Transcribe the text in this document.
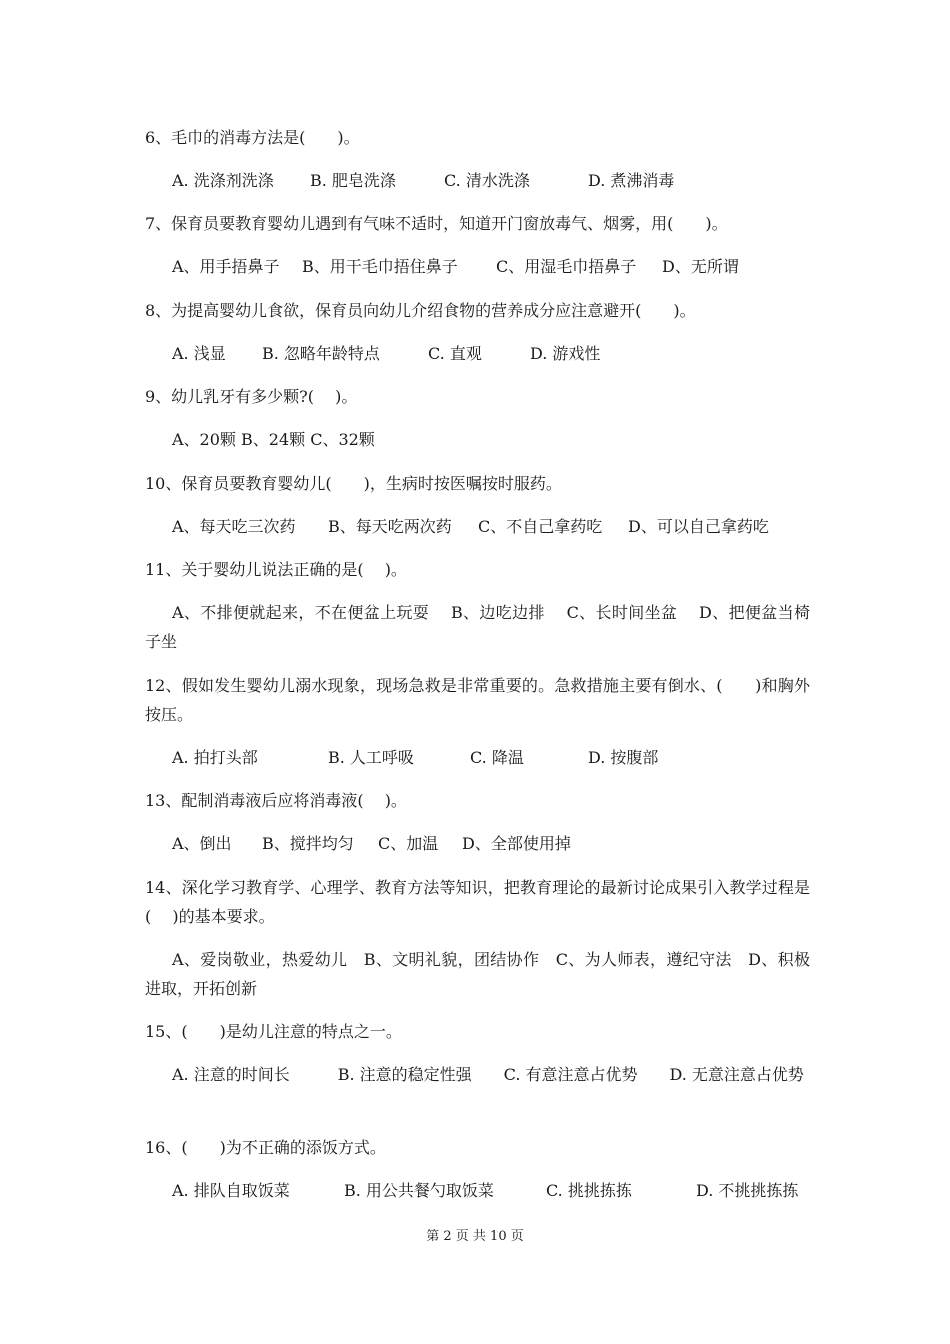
6、毛巾的消毒方法是(　　)。
A. 洗涤剂洗涤 B. 肥皂洗涤	C. 清水洗涤	D. 煮沸消毒
7、保育员要教育婴幼儿遇到有气味不适时，知道开门窗放毒气、烟雾，用(　　)。
A、用手捂鼻子 B、用干毛巾捂住鼻子 C、用湿毛巾捂鼻子 D、无所谓
8、为提高婴幼儿食欲，保育员向幼儿介绍食物的营养成分应注意避开(　　)。
A. 浅显 B. 忽略年龄特点	C. 直观	D. 游戏性
9、幼儿乳牙有多少颗?(　 )。
A、20颗 B、24颗 C、32颗
10、保育员要教育婴幼儿(　　)，生病时按医嘱按时服药。
A、每天吃三次药 B、每天吃两次药 C、不自己拿药吃 D、可以自己拿药吃
11、关于婴幼儿说法正确的是(　 )。
A、不排便就起来，不在便盆上玩耍　 B、边吃边排　 C、长时间坐盆　 D、把便盆当椅子坐
12、假如发生婴幼儿溺水现象，现场急救是非常重要的。急救措施主要有倒水、(　　)和胸外按压。
A. 拍打头部	B. 人工呼吸	C. 降温	D. 按腹部
13、配制消毒液后应将消毒液(　 )。
A、倒出 B、搅拌均匀 C、加温 D、全部使用掉
14、深化学习教育学、心理学、教育方法等知识，把教育理论的最新讨论成果引入教学过程是(　 )的基本要求。
A、爱岗敬业，热爱幼儿　B、文明礼貌，团结协作　C、为人师表，遵纪守法　D、积极进取，开拓创新
15、(　　)是幼儿注意的特点之一。
A. 注意的时间长　　　B. 注意的稳定性强　　C. 有意注意占优势　　D. 无意注意占优势
16、(　　)为不正确的添饭方式。
A. 排队自取饭菜	B. 用公共餐勺取饭菜	C. 挑挑拣拣	D. 不挑挑拣拣
第 2 页 共 10 页
